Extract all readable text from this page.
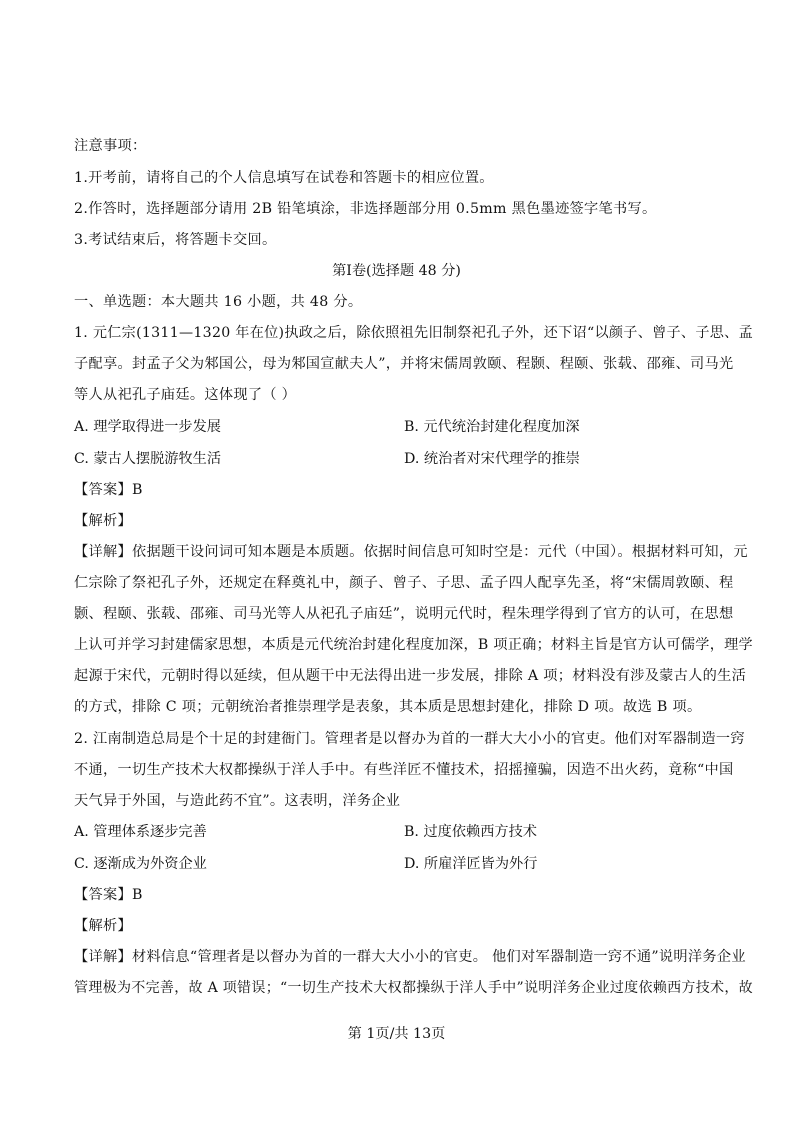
注意事项：
1.开考前，请将自己的个人信息填写在试卷和答题卡的相应位置。
2.作答时，选择题部分请用 2B 铅笔填涂，非选择题部分用 0.5mm 黑色墨迹签字笔书写。
3.考试结束后，将答题卡交回。
第Ⅰ卷(选择题 48 分)
一、单选题：本大题共 16 小题，共 48 分。
1. 元仁宗(1311—1320 年在位)执政之后，除依照祖先旧制祭祀孔子外，还下诏“以颜子、曾子、子思、孟
子配享。封孟子父为邾国公，母为邾国宣献夫人”，并将宋儒周敦颐、程颢、程颐、张载、邵雍、司马光
等人从祀孔子庙廷。这体现了（ ）
A. 理学取得进一步发展	B. 元代统治封建化程度加深
C. 蒙古人摆脱游牧生活	D. 统治者对宋代理学的推崇
【答案】B
【解析】
【详解】依据题干设问词可知本题是本质题。依据时间信息可知时空是：元代（中国）。根据材料可知，元
仁宗除了祭祀孔子外，还规定在释奠礼中，颜子、曾子、子思、孟子四人配享先圣，将“宋儒周敦颐、程
颢、程颐、张载、邵雍、司马光等人从祀孔子庙廷”，说明元代时，程朱理学得到了官方的认可，在思想
上认可并学习封建儒家思想，本质是元代统治封建化程度加深，B 项正确；材料主旨是官方认可儒学，理学
起源于宋代，元朝时得以延续，但从题干中无法得出进一步发展，排除 A 项；材料没有涉及蒙古人的生活
的方式，排除 C 项；元朝统治者推崇理学是表象，其本质是思想封建化，排除 D 项。故选 B 项。
2. 江南制造总局是个十足的封建衙门。管理者是以督办为首的一群大大小小的官吏。他们对军器制造一窍
不通，一切生产技术大权都操纵于洋人手中。有些洋匠不懂技术，招摇撞骗，因造不出火药，竟称“中国
天气异于外国，与造此药不宜”。这表明，洋务企业
A. 管理体系逐步完善	B. 过度依赖西方技术
C. 逐渐成为外资企业	D. 所雇洋匠皆为外行
【答案】B
【解析】
【详解】材料信息“管理者是以督办为首的一群大大小小的官吏。 他们对军器制造一窍不通”说明洋务企业
管理极为不完善，故 A 项错误；“一切生产技术大权都操纵于洋人手中”说明洋务企业过度依赖西方技术，故
第 1页/共 13页
